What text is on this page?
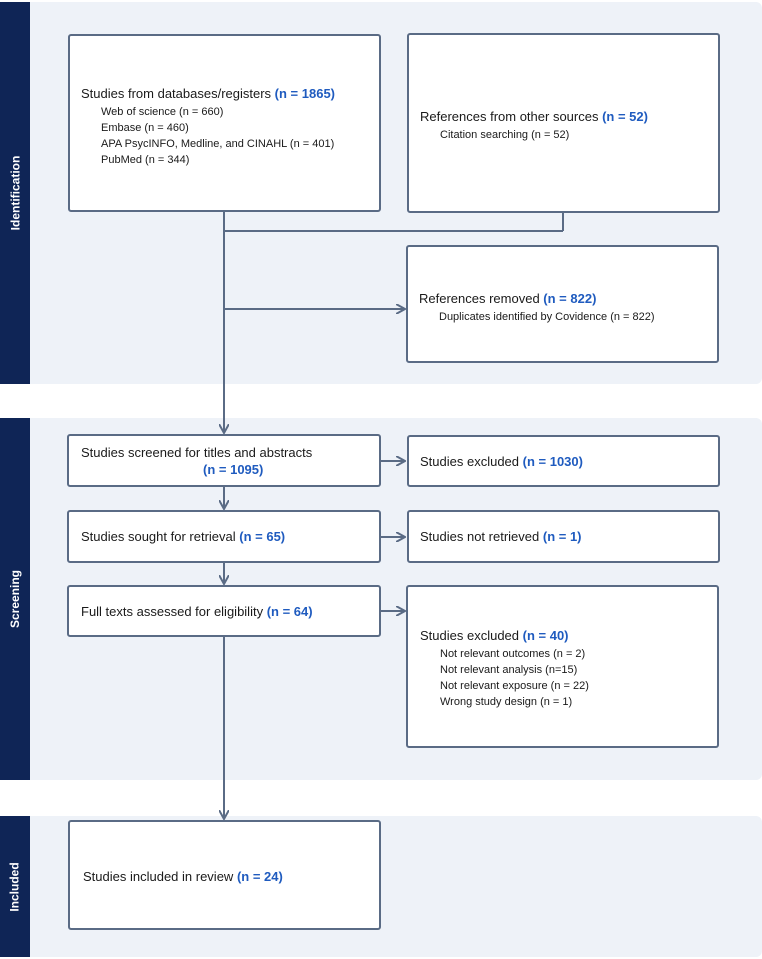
Identification
Screening
Included
Studies from databases/registers (n = 1865)
Web of science (n = 660)
Embase (n = 460)
APA PsycINFO, Medline, and CINAHL (n = 401)
PubMed (n = 344)
References from other sources (n = 52)
Citation searching (n = 52)
References removed (n = 822)
Duplicates identified by Covidence (n = 822)
Studies screened for titles and abstracts
(n = 1095)
Studies excluded (n = 1030)
Studies sought for retrieval (n = 65)	Studies not retrieved (n = 1)
Full texts assessed for eligibility (n = 64)
Studies excluded (n = 40)
Not relevant outcomes (n = 2)
Not relevant analysis (n=15)
Not relevant exposure (n = 22)
Wrong study design (n = 1)
Studies included in review (n = 24)
